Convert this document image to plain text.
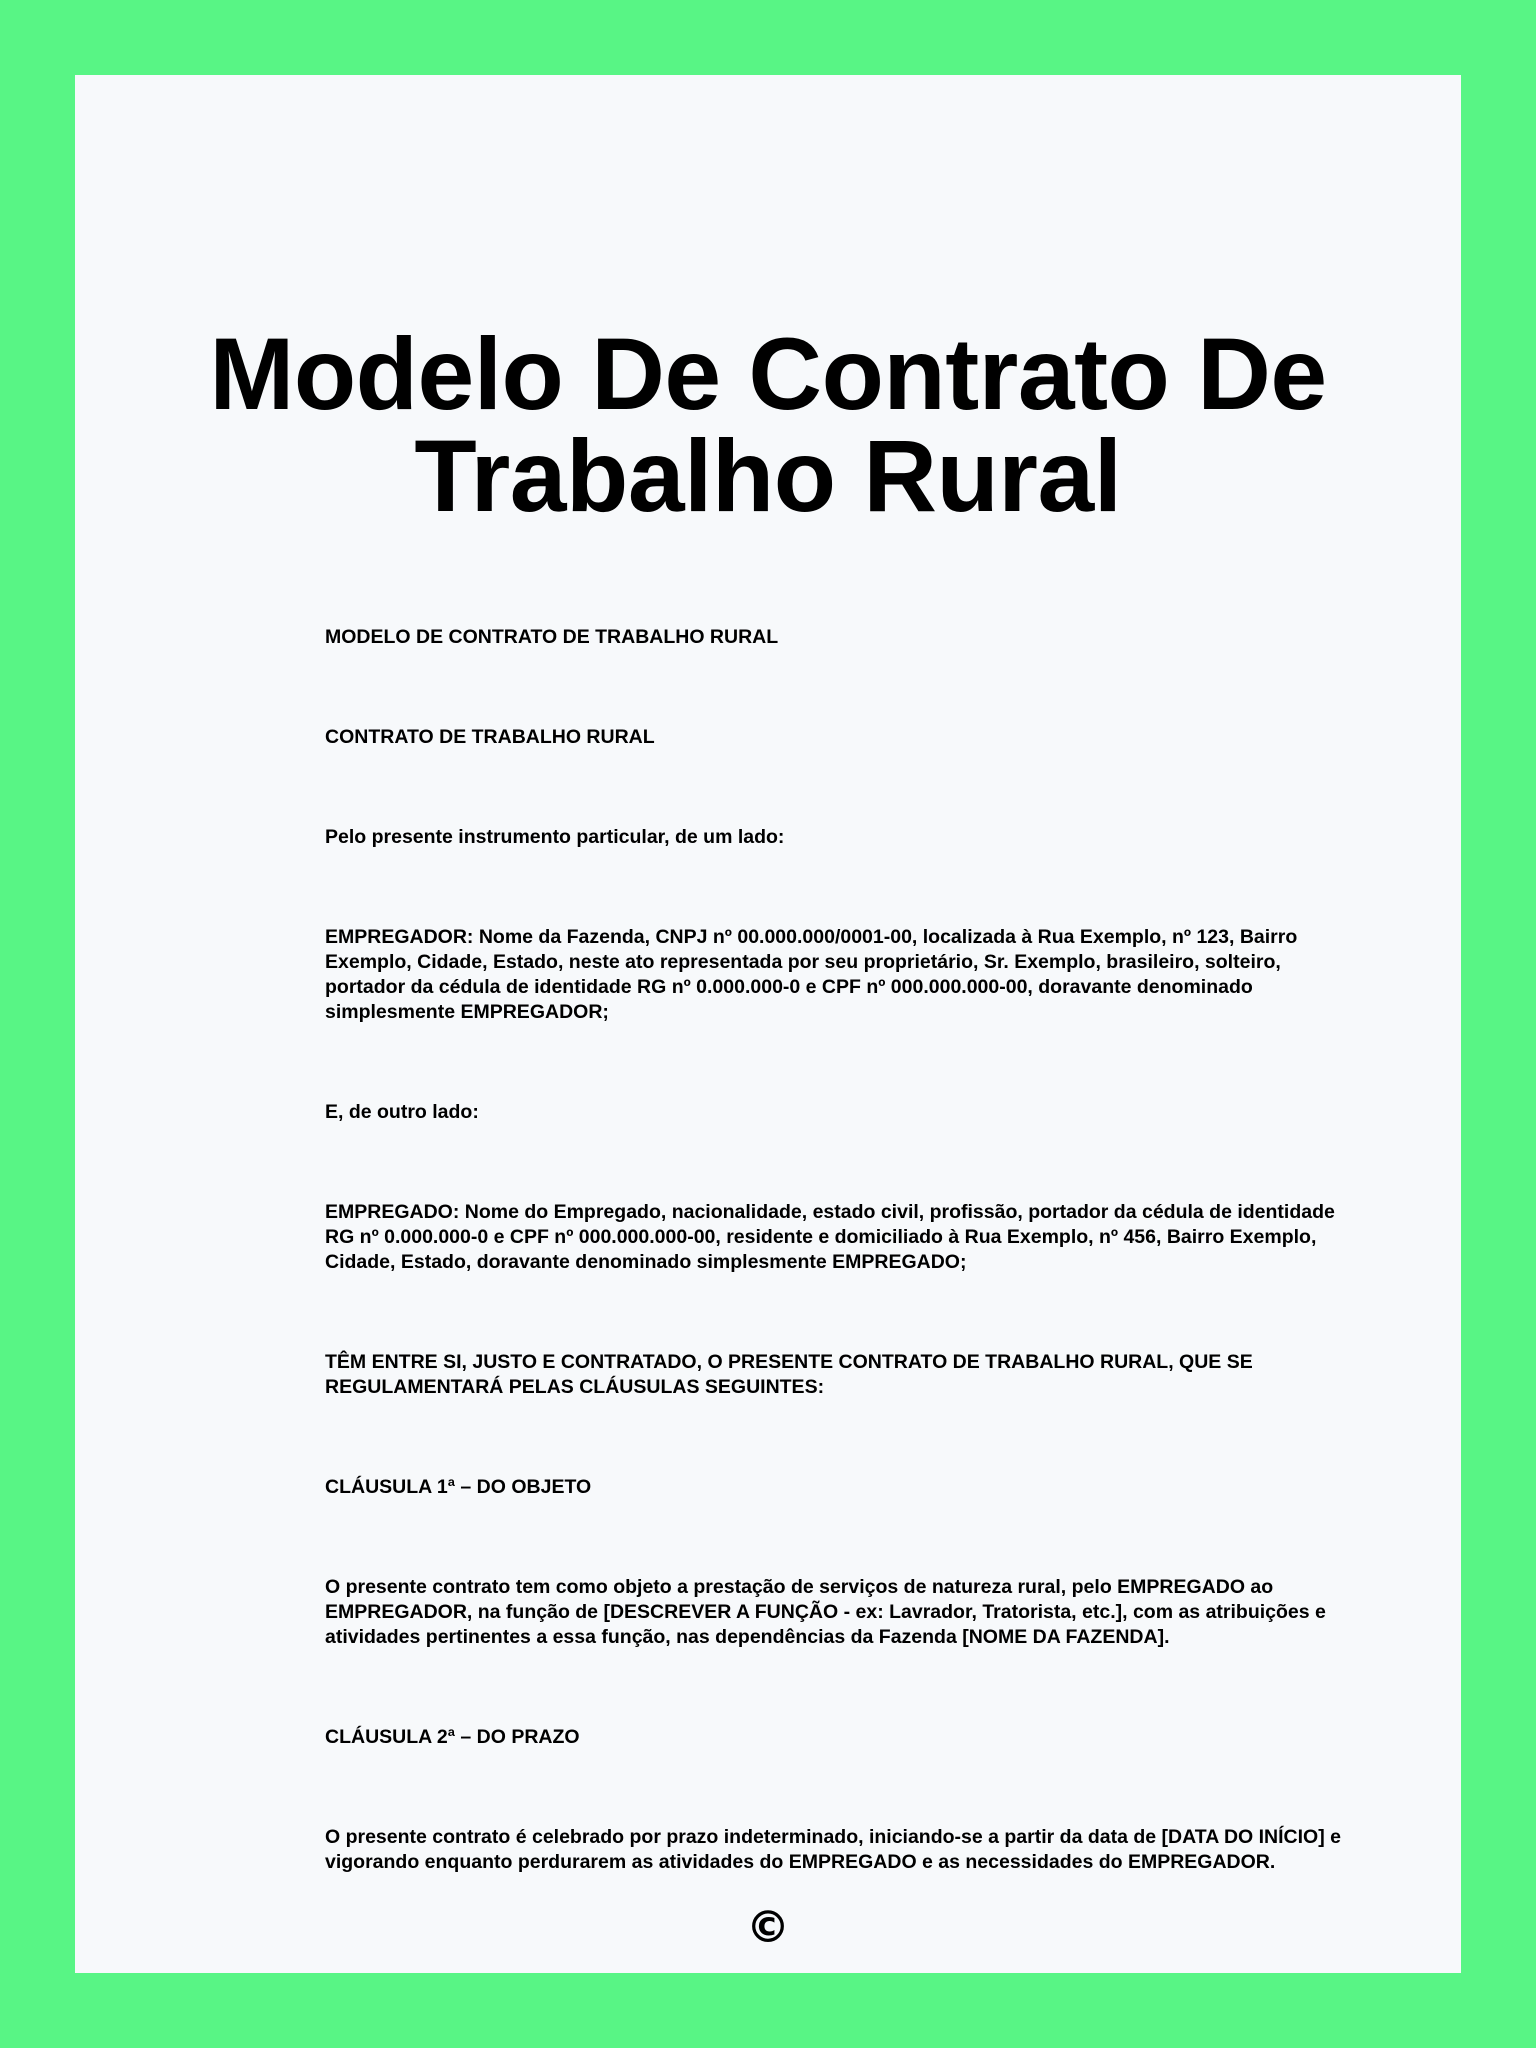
Modelo De Contrato De
Trabalho Rural

MODELO DE CONTRATO DE TRABALHO RURAL

CONTRATO DE TRABALHO RURAL

Pelo presente instrumento particular, de um lado:

EMPREGADOR: Nome da Fazenda, CNPJ nº 00.000.000/0001-00, localizada à Rua Exemplo, nº 123, Bairro Exemplo, Cidade, Estado, neste ato representada por seu proprietário, Sr. Exemplo, brasileiro, solteiro, portador da cédula de identidade RG nº 0.000.000-0 e CPF nº 000.000.000-00, doravante denominado simplesmente EMPREGADOR;

E, de outro lado:

EMPREGADO: Nome do Empregado, nacionalidade, estado civil, profissão, portador da cédula de identidade RG nº 0.000.000-0 e CPF nº 000.000.000-00, residente e domiciliado à Rua Exemplo, nº 456, Bairro Exemplo, Cidade, Estado, doravante denominado simplesmente EMPREGADO;

TÊM ENTRE SI, JUSTO E CONTRATADO, O PRESENTE CONTRATO DE TRABALHO RURAL, QUE SE REGULAMENTARÁ PELAS CLÁUSULAS SEGUINTES:

CLÁUSULA 1ª – DO OBJETO

O presente contrato tem como objeto a prestação de serviços de natureza rural, pelo EMPREGADO ao EMPREGADOR, na função de [DESCREVER A FUNÇÃO - ex: Lavrador, Tratorista, etc.], com as atribuições e atividades pertinentes a essa função, nas dependências da Fazenda [NOME DA FAZENDA].

CLÁUSULA 2ª – DO PRAZO

O presente contrato é celebrado por prazo indeterminado, iniciando-se a partir da data de [DATA DO INÍCIO] e vigorando enquanto perdurarem as atividades do EMPREGADO e as necessidades do EMPREGADOR.

©
